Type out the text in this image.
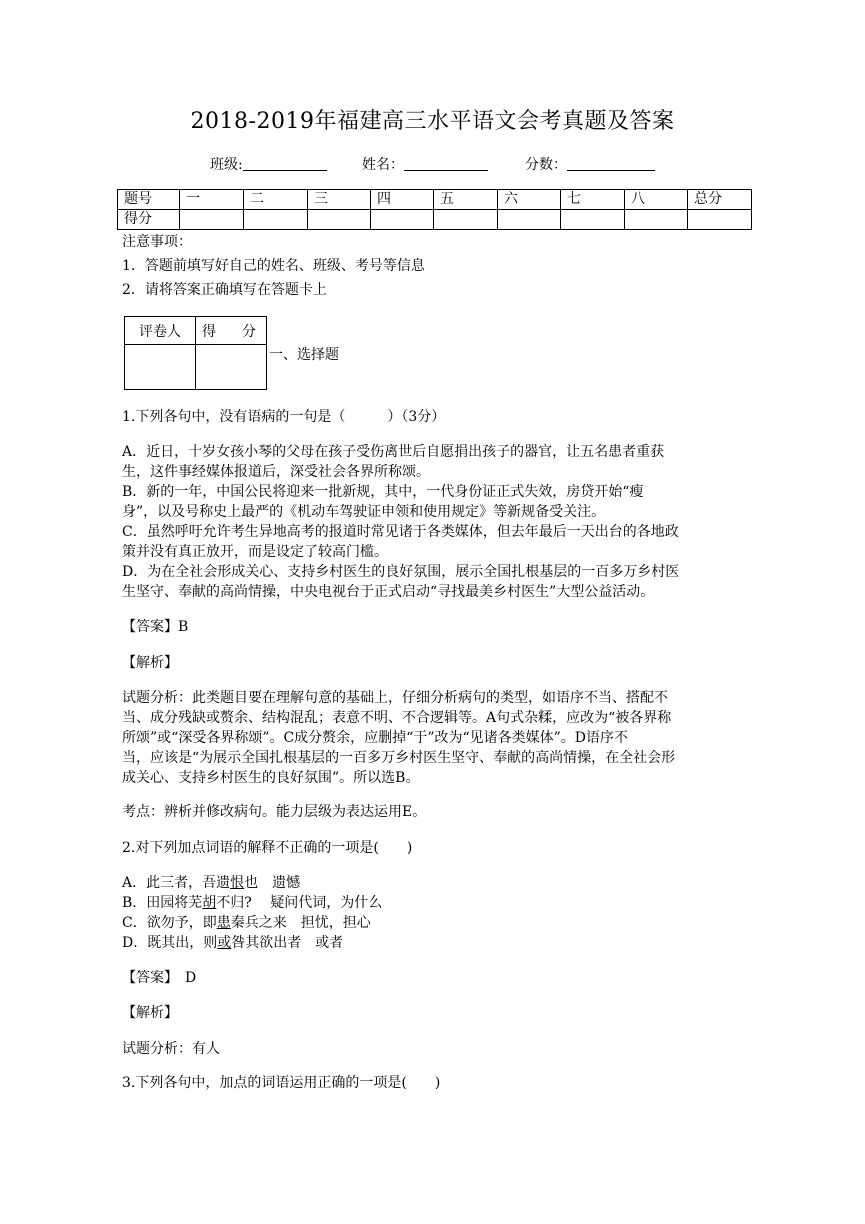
2018-2019年福建高三水平语文会考真题及答案
班级:	姓名：	分数：
题号	一	二	三	四	五	六	七	八	总分
得分									
注意事项：
1．答题前填写好自己的姓名、班级、考号等信息
2．请将答案正确填写在答题卡上
评卷人	得 分

一、选择题
1.下列各句中，没有语病的一句是（　　　）（3分）
A．近日，十岁女孩小琴的父母在孩子受伤离世后自愿捐出孩子的器官，让五名患者重获
生，这件事经媒体报道后，深受社会各界所称颂。
B．新的一年，中国公民将迎来一批新规，其中，一代身份证正式失效，房贷开始“瘦
身”，以及号称史上最严的《机动车驾驶证申领和使用规定》等新规备受关注。
C．虽然呼吁允许考生异地高考的报道时常见诸于各类媒体，但去年最后一天出台的各地政
策并没有真正放开，而是设定了较高门槛。
D．为在全社会形成关心、支持乡村医生的良好氛围，展示全国扎根基层的一百多万乡村医
生坚守、奉献的高尚情操，中央电视台于正式启动“寻找最美乡村医生”大型公益活动。
【答案】B
【解析】
试题分析：此类题目要在理解句意的基础上，仔细分析病句的类型，如语序不当、搭配不
当、成分残缺或赘余、结构混乱；表意不明、不合逻辑等。A句式杂糅，应改为“被各界称
所颂”或“深受各界称颂”。C成分赘余，应删掉“于”改为“见诸各类媒体”。D语序不
当，应该是“为展示全国扎根基层的一百多万乡村医生坚守、奉献的高尚情操，在全社会形
成关心、支持乡村医生的良好氛围”。所以选B。
考点：辨析并修改病句。能力层级为表达运用E。
2.对下列加点词语的解释不正确的一项是(　　)
A．此三者，吾遗恨也　遗憾
B．田园将芜胡不归?　 疑问代词，为什么
C．欲勿予，即患秦兵之来　担忧，担心
D．既其出，则或咎其欲出者　或者
【答案】　D
【解析】
试题分析：有人
3.下列各句中，加点的词语运用正确的一项是(　　)
